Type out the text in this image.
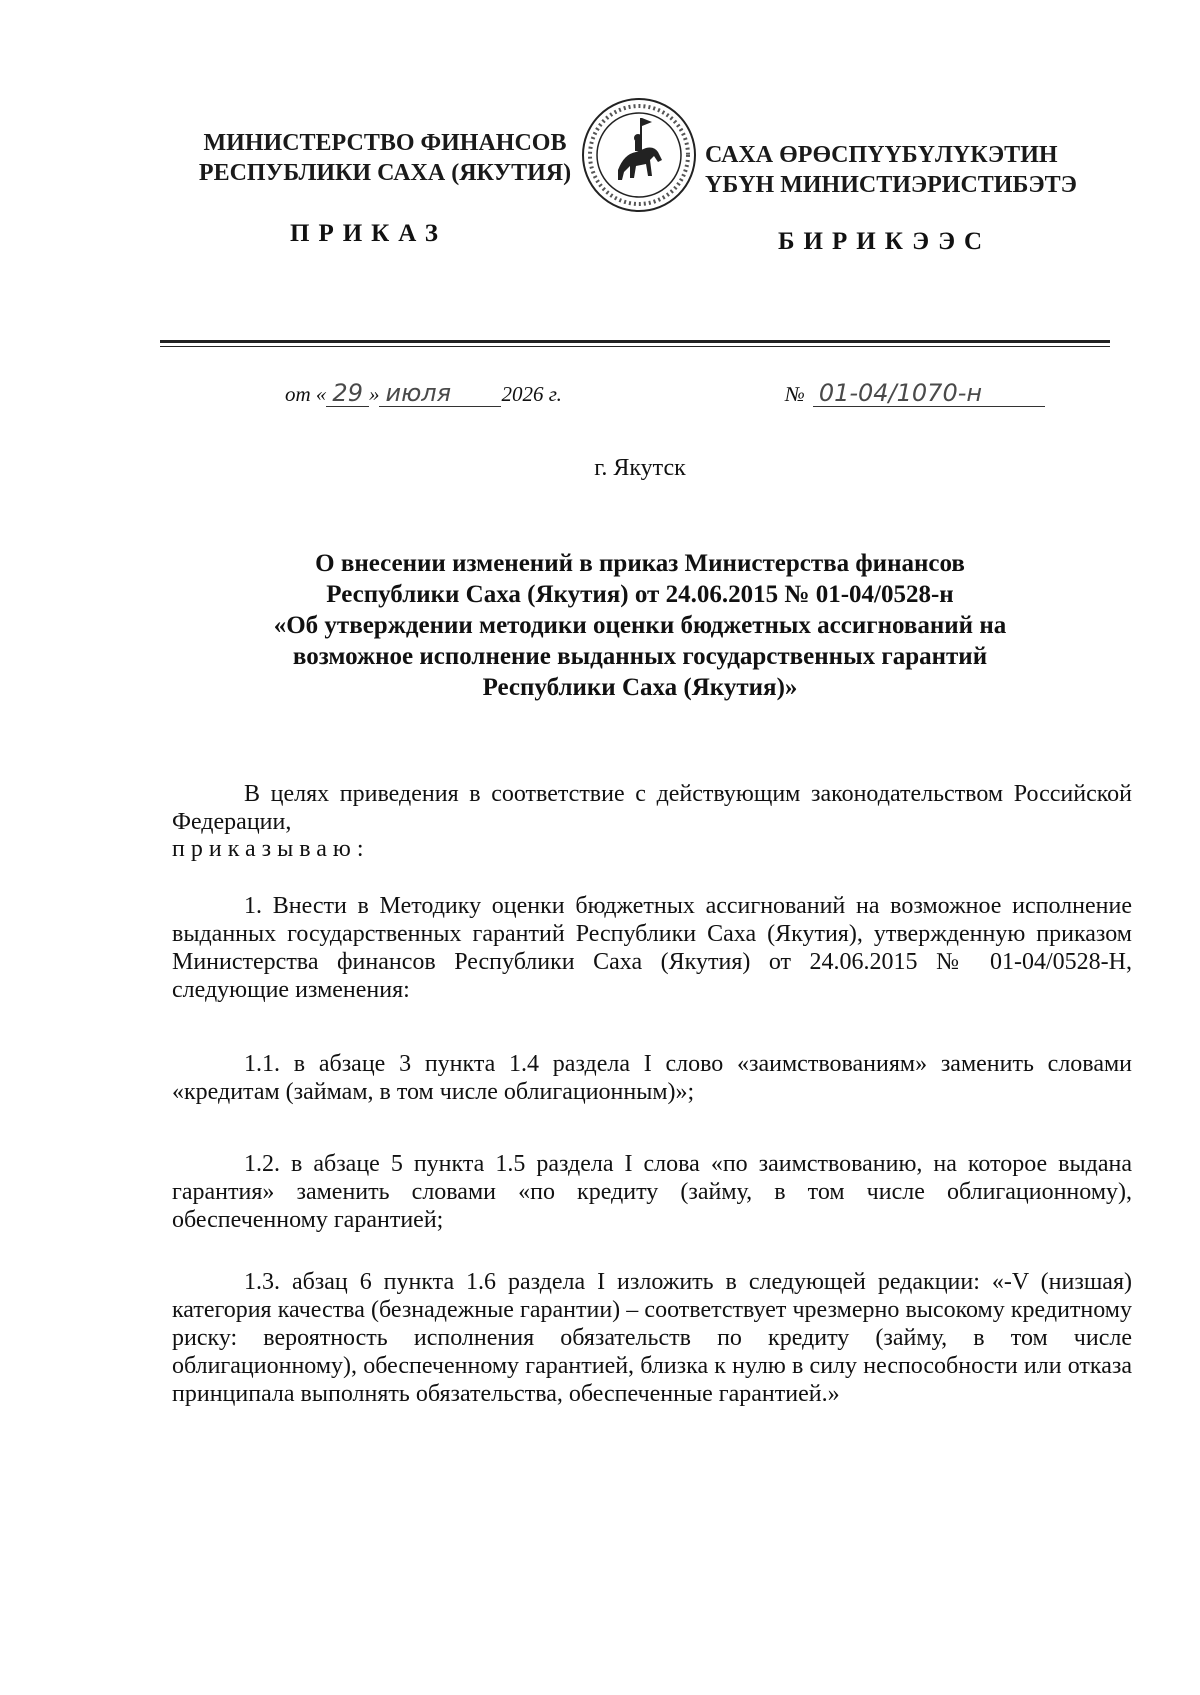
МИНИСТЕРСТВО ФИНАНСОВ
РЕСПУБЛИКИ САХА (ЯКУТИЯ)
САХА ӨРӨСПҮҮБҮЛҮКЭТИН
ҮБҮН МИНИСТИЭРИСТИБЭТЭ
ПРИКАЗ	БИРИКЭЭС
от « 29 » июля	2026 г.	№ 01-04/1070-н
г. Якутск
О внесении изменений в приказ Министерства финансов
Республики Саха (Якутия) от 24.06.2015 № 01-04/0528-н
«Об утверждении методики оценки бюджетных ассигнований на
возможное исполнение выданных государственных гарантий
Республики Саха (Якутия)»
В целях приведения в соответствие с действующим законодательством Российской Федерации,
приказываю:
1. Внести в Методику оценки бюджетных ассигнований на возможное исполнение выданных государственных гарантий Республики Саха (Якутия), утвержденную приказом Министерства финансов Республики Саха (Якутия) от 24.06.2015 № 01-04/0528-Н, следующие изменения:
1.1. в абзаце 3 пункта 1.4 раздела I слово «заимствованиям» заменить словами «кредитам (займам, в том числе облигационным)»;
1.2. в абзаце 5 пункта 1.5 раздела I слова «по заимствованию, на которое выдана гарантия» заменить словами «по кредиту (займу, в том числе облигационному), обеспеченному гарантией;
1.3. абзац 6 пункта 1.6 раздела I изложить в следующей редакции: «-V (низшая) категория качества (безнадежные гарантии) – соответствует чрезмерно высокому кредитному риску: вероятность исполнения обязательств по кредиту (займу, в том числе облигационному), обеспеченному гарантией, близка к нулю в силу неспособности или отказа принципала выполнять обязательства, обеспеченные гарантией.»
